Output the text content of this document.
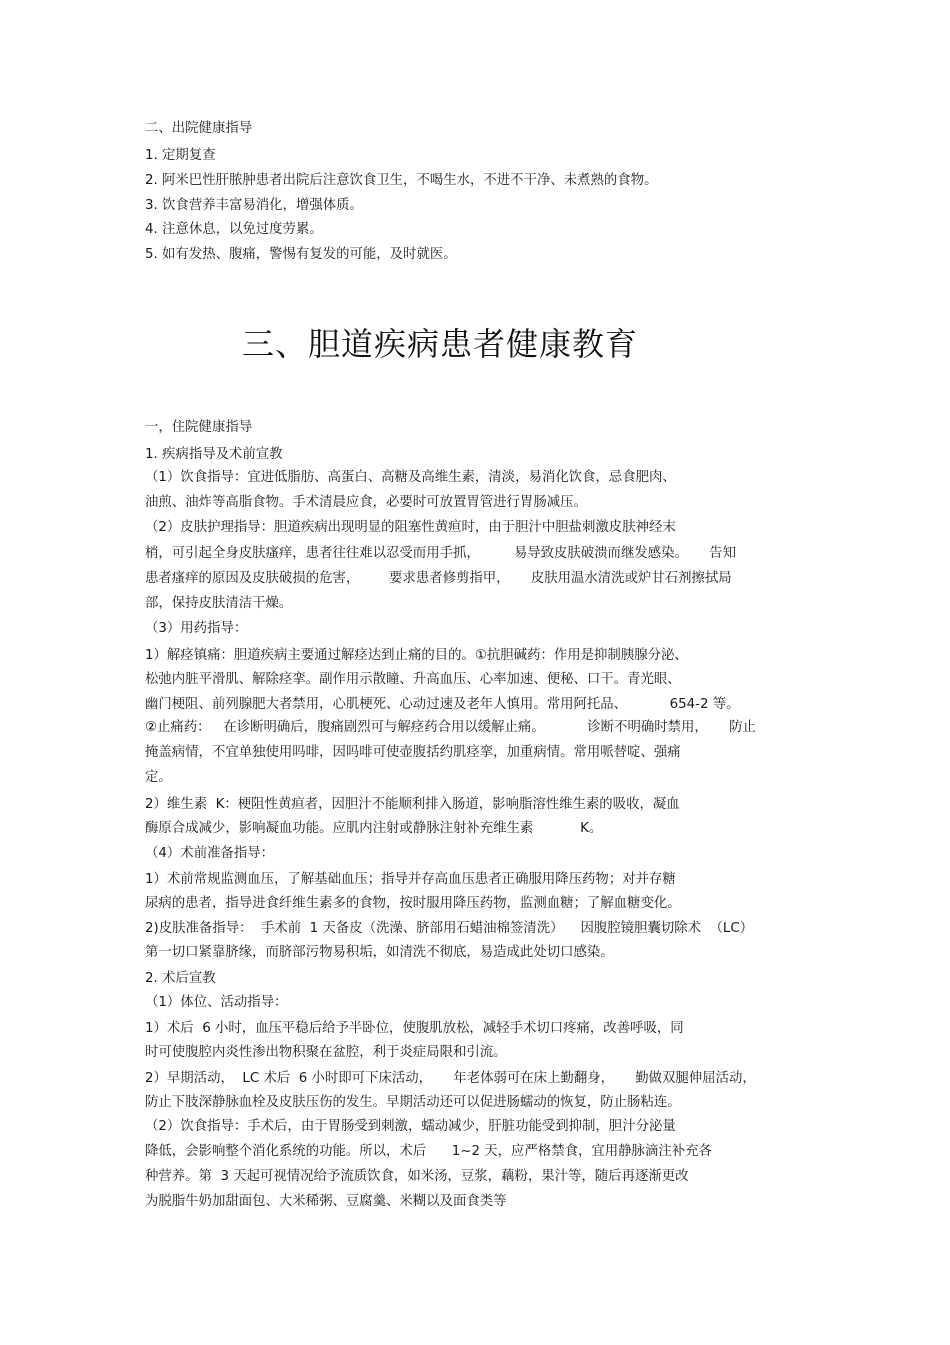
二、出院健康指导
1. 定期复查
2. 阿米巴性肝脓肿患者出院后注意饮食卫生，不喝生水，不进不干净、未煮熟的食物。
3. 饮食营养丰富易消化，增强体质。
4. 注意休息，以免过度劳累。
5. 如有发热、腹痛，警惕有复发的可能，及时就医。
三、胆道疾病患者健康教育
一，住院健康指导
1. 疾病指导及术前宣教
（1）饮食指导：宜进低脂肪、高蛋白、高糖及高维生素，清淡，易消化饮食，忌食肥肉、
油煎、油炸等高脂食物。手术清晨应食，必要时可放置胃管进行胃肠减压。
（2）皮肤护理指导：胆道疾病出现明显的阻塞性黄疸时，由于胆汁中胆盐刺激皮肤神经末
梢，可引起全身皮肤瘙痒，患者往往难以忍受而用手抓，        易导致皮肤破溃而继发感染。     告知
患者瘙痒的原因及皮肤破损的危害，       要求患者修剪指甲，     皮肤用温水清洗或炉甘石剂擦拭局
部，保持皮肤清洁干燥。
（3）用药指导：
1）解痉镇痛：胆道疾病主要通过解痉达到止痛的目的。①抗胆碱药：作用是抑制胰腺分泌、
松弛内脏平滑肌、解除痉挛。副作用示散瞳、升高血压、心率加速、便秘、口干。青光眼、
幽门梗阻、前列腺肥大者禁用，心肌梗死、心动过速及老年人慎用。常用阿托品、          654-2 等。
②止痛药：   在诊断明确后，腹痛剧烈可与解痉药合用以缓解止痛。          诊断不明确时禁用，     防止
掩盖病情，不宜单独使用吗啡，因吗啡可使壶腹括约肌痉挛，加重病情。常用哌替啶、强痛
定。
2）维生素  K：梗阻性黄疸者，因胆汁不能顺利排入肠道，影响脂溶性维生素的吸收，凝血
酶原合成减少，影响凝血功能。应肌内注射或静脉注射补充维生素           K。
（4）术前准备指导：
1）术前常规监测血压，了解基础血压；指导并存高血压患者正确服用降压药物；对并存糖
尿病的患者，指导进食纤维生素多的食物，按时服用降压药物，监测血糖；了解血糖变化。
2)皮肤准备指导：  手术前  1 天备皮（洗澡、脐部用石蜡油棉签清洗）    因腹腔镜胆囊切除术  （LC）
第一切口紧靠脐缘，而脐部污物易积垢，如清洗不彻底，易造成此处切口感染。
2. 术后宣教
（1）体位、活动指导：
1）术后  6 小时，血压平稳后给予半卧位，使腹肌放松，减轻手术切口疼痛，改善呼吸，同
时可使腹腔内炎性渗出物积聚在盆腔，利于炎症局限和引流。
2）早期活动，  LC 术后  6 小时即可下床活动，     年老体弱可在床上勤翻身，     勤做双腿伸屈活动，
防止下肢深静脉血栓及皮肤压伤的发生。早期活动还可以促进肠蠕动的恢复，防止肠粘连。
（2）饮食指导：手术后，由于胃肠受到刺激，蠕动减少，肝脏功能受到抑制，胆汁分泌量
降低，会影响整个消化系统的功能。所以，术后      1~2 天，应严格禁食，宜用静脉滴注补充各
种营养。第  3 天起可视情况给予流质饮食，如米汤，豆浆，藕粉，果汁等，随后再逐渐更改
为脱脂牛奶加甜面包、大米稀粥、豆腐羹、米糊以及面食类等
